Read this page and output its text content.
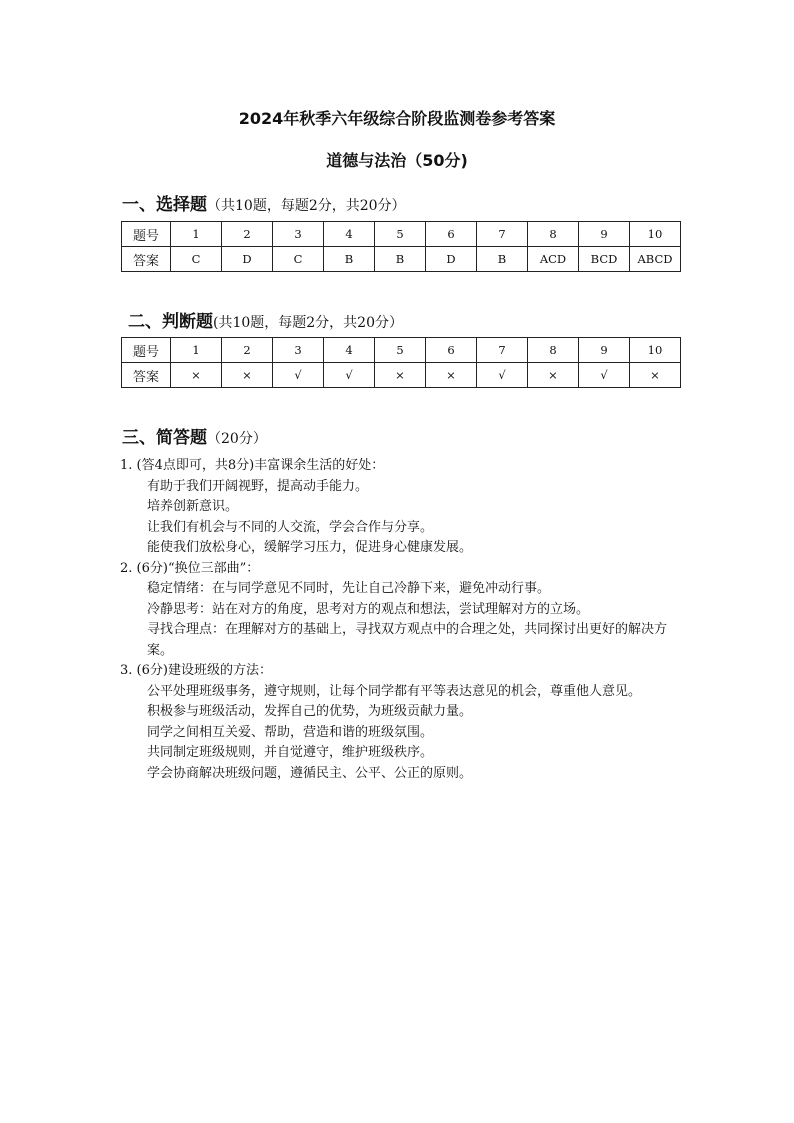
2024年秋季六年级综合阶段监测卷参考答案
道德与法治（50分)
一、选择题（共10题，每题2分，共20分）
题号	1	2	3	4	5	6	7	8	9	10
答案	C	D	C	B	B	D	B	ACD	BCD	ABCD
二、判断题(共10题，每题2分，共20分）
题号	1	2	3	4	5	6	7	8	9	10
答案	×	×	√	√	×	×	√	×	√	×
三、简答题（20分）
1. (答4点即可，共8分)丰富课余生活的好处：
有助于我们开阔视野，提高动手能力。
培养创新意识。
让我们有机会与不同的人交流，学会合作与分享。
能使我们放松身心，缓解学习压力，促进身心健康发展。
2. (6分)“换位三部曲”：
稳定情绪：在与同学意见不同时，先让自己冷静下来，避免冲动行事。
冷静思考：站在对方的角度，思考对方的观点和想法，尝试理解对方的立场。
寻找合理点：在理解对方的基础上，寻找双方观点中的合理之处，共同探讨出更好的解决方案。
3. (6分)建设班级的方法：
公平处理班级事务，遵守规则，让每个同学都有平等表达意见的机会，尊重他人意见。
积极参与班级活动，发挥自己的优势，为班级贡献力量。
同学之间相互关爱、帮助，营造和谐的班级氛围。
共同制定班级规则，并自觉遵守，维护班级秩序。
学会协商解决班级问题，遵循民主、公平、公正的原则。
